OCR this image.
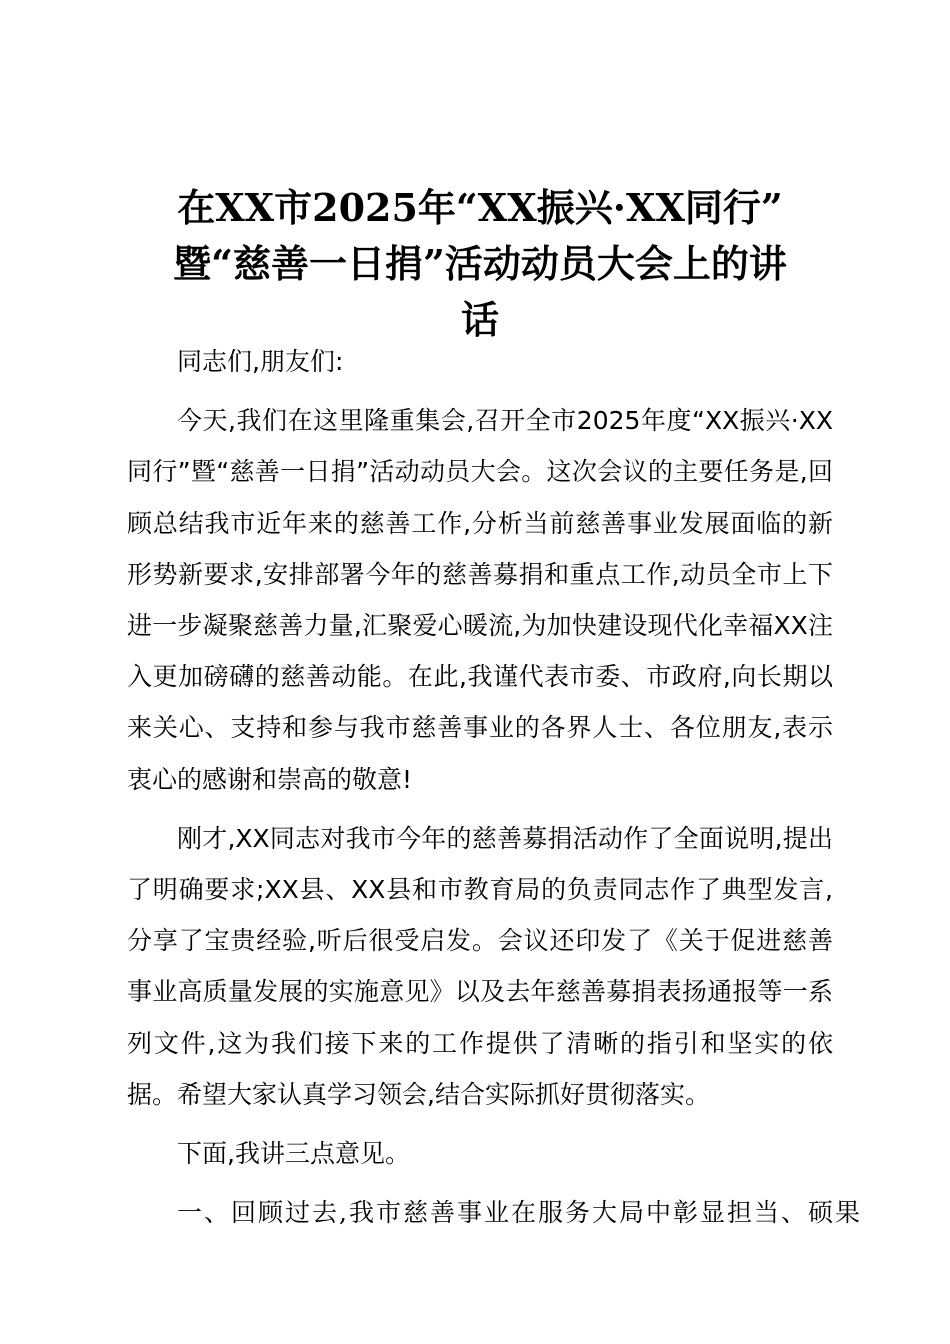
在XX市2025年“XX振兴·XX同行”
暨“慈善一日捐”活动动员大会上的讲
话

同志们,朋友们:

今天,我们在这里隆重集会,召开全市2025年度“XX振兴·XX同行”暨“慈善一日捐”活动动员大会。这次会议的主要任务是,回顾总结我市近年来的慈善工作,分析当前慈善事业发展面临的新形势新要求,安排部署今年的慈善募捐和重点工作,动员全市上下进一步凝聚慈善力量,汇聚爱心暖流,为加快建设现代化幸福XX注入更加磅礴的慈善动能。在此,我谨代表市委、市政府,向长期以来关心、支持和参与我市慈善事业的各界人士、各位朋友,表示衷心的感谢和崇高的敬意!

刚才,XX同志对我市今年的慈善募捐活动作了全面说明,提出了明确要求;XX县、XX县和市教育局的负责同志作了典型发言,分享了宝贵经验,听后很受启发。会议还印发了《关于促进慈善事业高质量发展的实施意见》以及去年慈善募捐表扬通报等一系列文件,这为我们接下来的工作提供了清晰的指引和坚实的依据。希望大家认真学习领会,结合实际抓好贯彻落实。

下面,我讲三点意见。

一、回顾过去,我市慈善事业在服务大局中彰显担当、硕果
